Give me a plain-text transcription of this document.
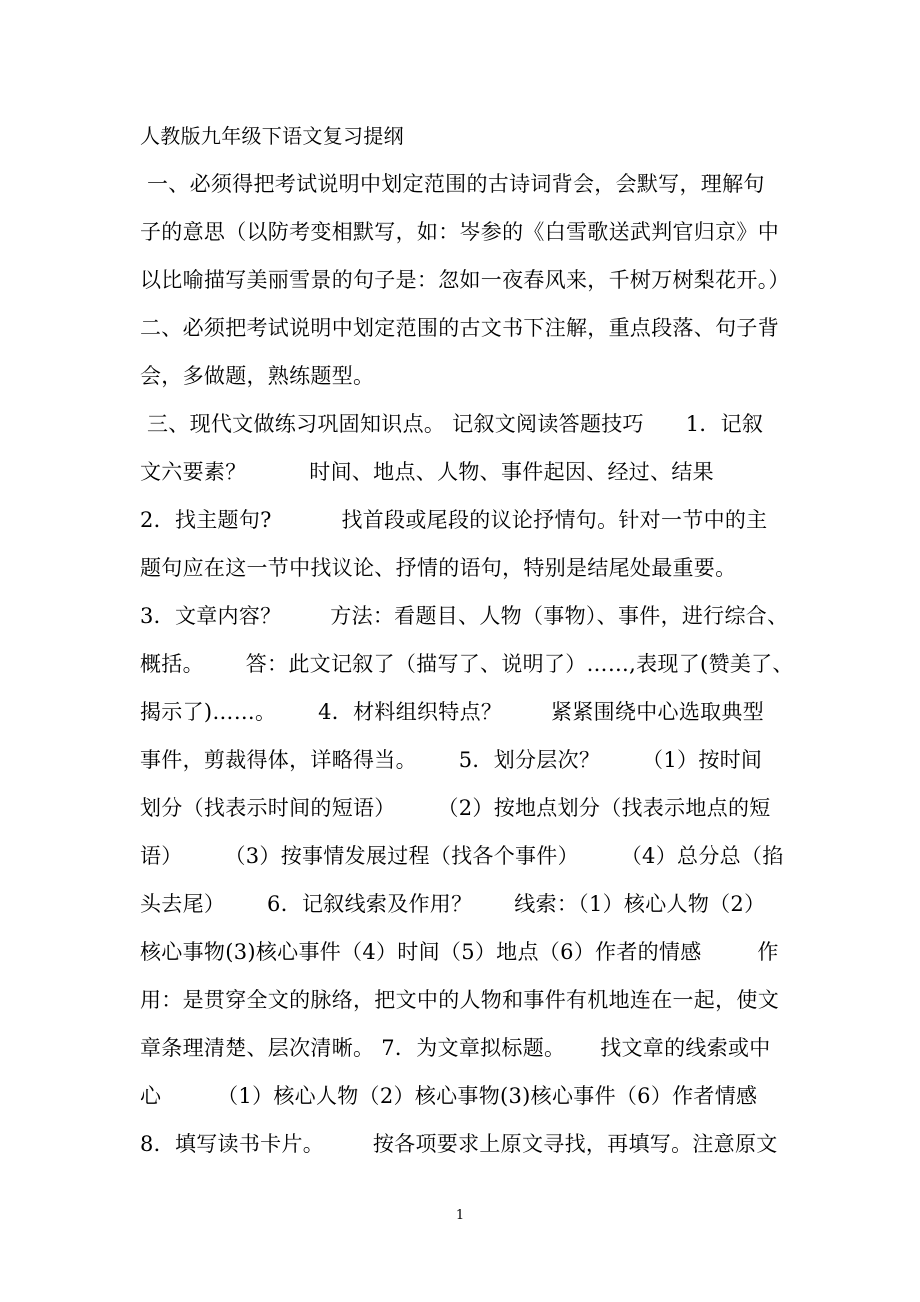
人教版九年级下语文复习提纲
一、必须得把考试说明中划定范围的古诗词背会，会默写，理解句
子的意思（以防考变相默写，如：岑参的《白雪歌送武判官归京》中
以比喻描写美丽雪景的句子是：忽如一夜春风来，千树万树梨花开。）
二、必须把考试说明中划定范围的古文书下注解，重点段落、句子背
会，多做题，熟练题型。
三、现代文做练习巩固知识点。 记叙文阅读答题技巧      1．记叙
文六要素？         时间、地点、人物、事件起因、经过、结果
2．找主题句?          找首段或尾段的议论抒情句。针对一节中的主
题句应在这一节中找议论、抒情的语句，特别是结尾处最重要。
3．文章内容？       方法：看题目、人物（事物）、事件，进行综合、
概括。      答：此文记叙了（描写了、说明了）……,表现了(赞美了、
揭示了)……。      4．材料组织特点？       紧紧围绕中心选取典型
事件，剪裁得体，详略得当。      5．划分层次？      （1）按时间
划分（找表示时间的短语）      （2）按地点划分（找表示地点的短
语）      （3）按事情发展过程（找各个事件）      （4）总分总（掐
头去尾）      6．记叙线索及作用？      线索：（1）核心人物（2）
核心事物(3)核心事件（4）时间（5）地点（6）作者的情感        作
用：是贯穿全文的脉络，把文中的人物和事件有机地连在一起，使文
章条理清楚、层次清晰。 7．为文章拟标题。     找文章的线索或中
心        （1）核心人物（2）核心事物(3)核心事件（6）作者情感
8．填写读书卡片。       按各项要求上原文寻找，再填写。注意原文
1
